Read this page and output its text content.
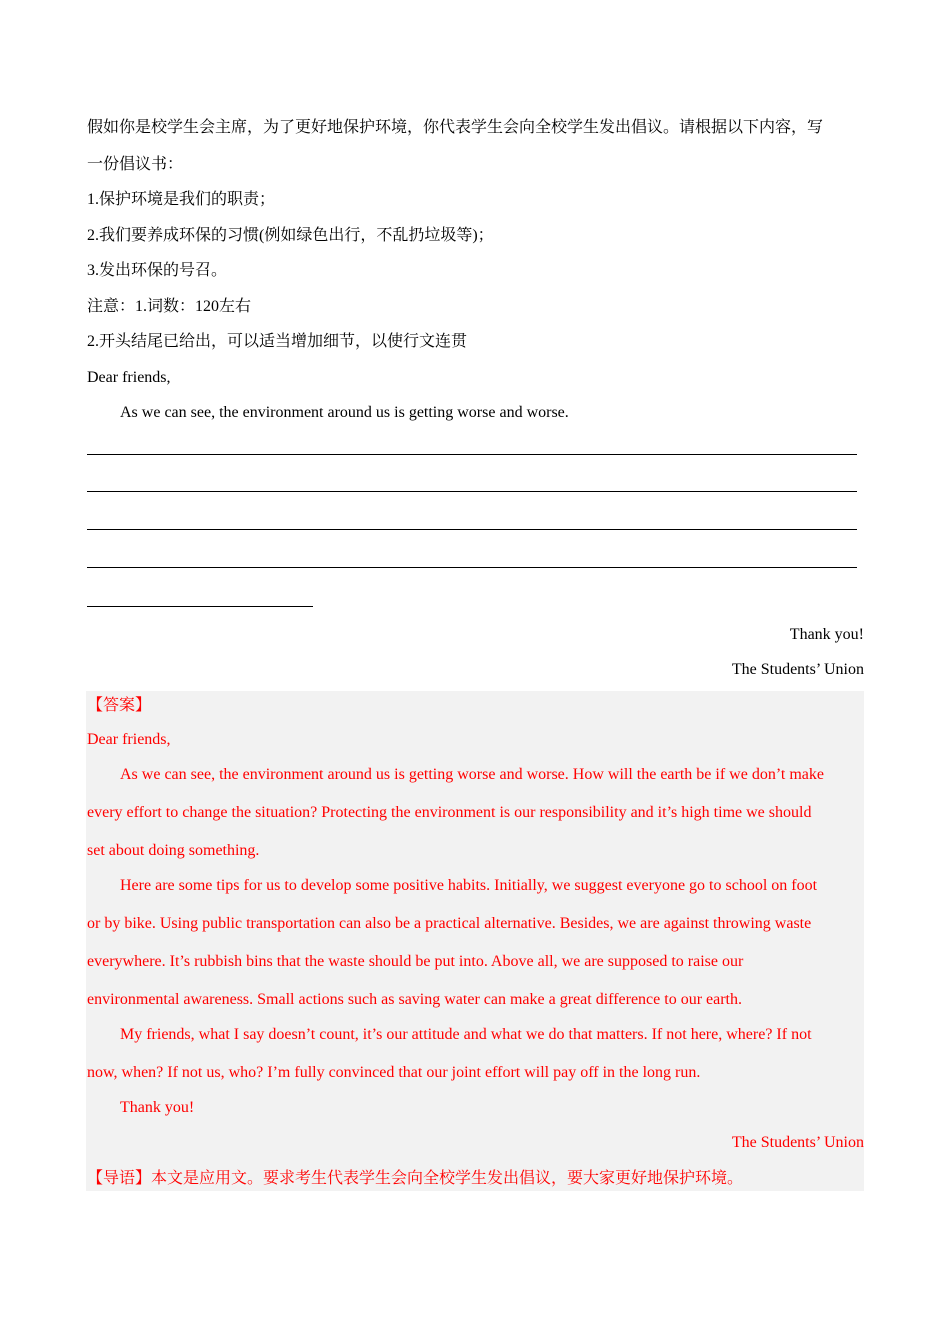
假如你是校学生会主席，为了更好地保护环境，你代表学生会向全校学生发出倡议。请根据以下内容，写
一份倡议书：
1.保护环境是我们的职责；
2.我们要养成环保的习惯(例如绿色出行，不乱扔垃圾等)；
3.发出环保的号召。
注意：1.词数：120左右
2.开头结尾已给出，可以适当增加细节，以使行文连贯
Dear friends,
As we can see, the environment around us is getting worse and worse.
Thank you!
The Students’ Union
【答案】
Dear friends,
As we can see, the environment around us is getting worse and worse. How will the earth be if we don’t make
every effort to change the situation? Protecting the environment is our responsibility and it’s high time we should
set about doing something.
Here are some tips for us to develop some positive habits. Initially, we suggest everyone go to school on foot
or by bike. Using public transportation can also be a practical alternative. Besides, we are against throwing waste
everywhere. It’s rubbish bins that the waste should be put into. Above all, we are supposed to raise our
environmental awareness. Small actions such as saving water can make a great difference to our earth.
My friends, what I say doesn’t count, it’s our attitude and what we do that matters. If not here, where? If not
now, when? If not us, who? I’m fully convinced that our joint effort will pay off in the long run.
Thank you!
The Students’ Union
【导语】本文是应用文。要求考生代表学生会向全校学生发出倡议，要大家更好地保护环境。
